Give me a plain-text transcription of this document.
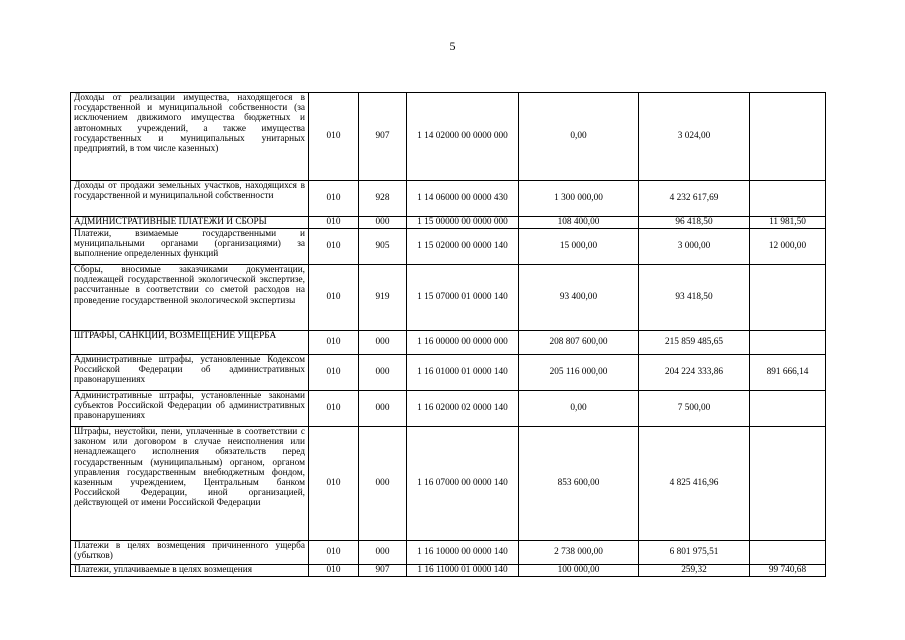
5
Доходы от реализации имущества, находящегося в государственной и муниципальной собственности (за исключением движимого имущества бюджетных и автономных учреждений, а также имущества государственных и муниципальных унитарных предприятий, в том числе казенных)	010	907	1 14 02000 00 0000 000	0,00	3 024,00	
Доходы от продажи земельных участков, находящихся в государственной и муниципальной собственности	010	928	1 14 06000 00 0000 430	1 300 000,00	4 232 617,69	
АДМИНИСТРАТИВНЫЕ ПЛАТЕЖИ И СБОРЫ	010	000	1 15 00000 00 0000 000	108 400,00	96 418,50	11 981,50
Платежи, взимаемые государственными и муниципальными органами (организациями) за выполнение определенных функций	010	905	1 15 02000 00 0000 140	15 000,00	3 000,00	12 000,00
Сборы, вносимые заказчиками документации, подлежащей государственной экологической экспертизе, рассчитанные в соответствии со сметой расходов на проведение государственной экологической экспертизы	010	919	1 15 07000 01 0000 140	93 400,00	93 418,50	
ШТРАФЫ, САНКЦИИ, ВОЗМЕЩЕНИЕ УЩЕРБА	010	000	1 16 00000 00 0000 000	208 807 600,00	215 859 485,65	
Административные штрафы, установленные Кодексом Российской Федерации об административных правонарушениях	010	000	1 16 01000 01 0000 140	205 116 000,00	204 224 333,86	891 666,14
Административные штрафы, установленные законами субъектов Российской Федерации об административных правонарушениях	010	000	1 16 02000 02 0000 140	0,00	7 500,00	
Штрафы, неустойки, пени, уплаченные в соответствии с законом или договором в случае неисполнения или ненадлежащего исполнения обязательств перед государственным (муниципальным) органом, органом управления государственным внебюджетным фондом, казенным учреждением, Центральным банком Российской Федерации, иной организацией, действующей от имени Российской Федерации	010	000	1 16 07000 00 0000 140	853 600,00	4 825 416,96	
Платежи в целях возмещения причиненного ущерба (убытков)	010	000	1 16 10000 00 0000 140	2 738 000,00	6 801 975,51	
Платежи, уплачиваемые в целях возмещения	010	907	1 16 11000 01 0000 140	100 000,00	259,32	99 740,68
